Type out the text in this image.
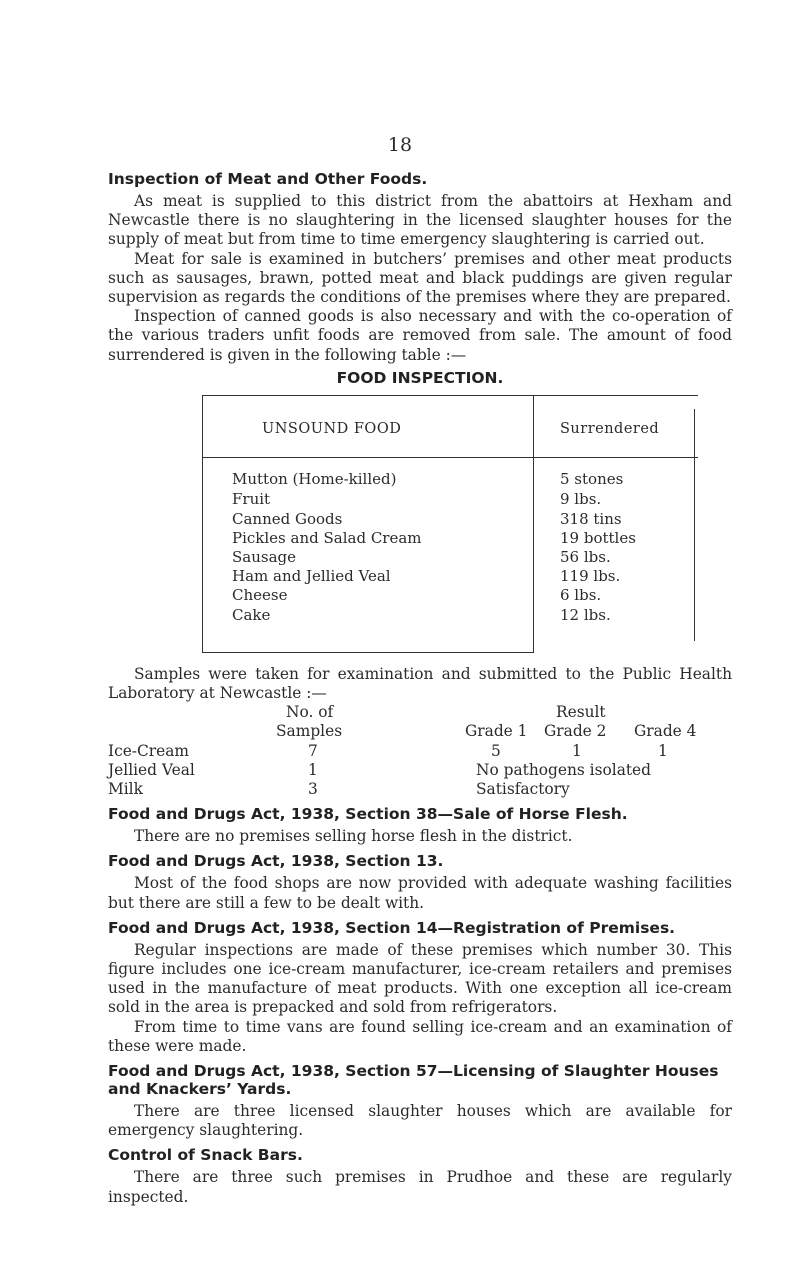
18
Inspection of Meat and Other Foods.

As meat is supplied to this district from the abattoirs at Hexham and Newcastle there is no slaughtering in the licensed slaughter houses for the supply of meat but from time to time emergency slaughtering is carried out.

Meat for sale is examined in butchers’ premises and other meat products such as sausages, brawn, potted meat and black puddings are given regular supervision as regards the conditions of the premises where they are prepared.

Inspection of canned goods is also necessary and with the co-operation of the various traders unfit foods are removed from sale. The amount of food surrendered is given in the following table :—

FOOD INSPECTION.
UNSOUND FOOD	Surrendered
Mutton (Home-killed)	5 stones
Fruit	9 lbs.
Canned Goods	318 tins
Pickles and Salad Cream	19 bottles
Sausage	56 lbs.
Ham and Jellied Veal	119 lbs.
Cheese	6 lbs.
Cake	12 lbs.

Samples were taken for examination and submitted to the Public Health Laboratory at Newcastle :—

No. of
Samples
Result
Grade 1 Grade 2 Grade 4
Ice-Cream	7	5	1	1
Jellied Veal	1	No pathogens isolated
Milk	3	Satisfactory
Food and Drugs Act, 1938, Section 38—Sale of Horse Flesh.

There are no premises selling horse flesh in the district.

Food and Drugs Act, 1938, Section 13.

Most of the food shops are now provided with adequate washing facilities but there are still a few to be dealt with.

Food and Drugs Act, 1938, Section 14—Registration of Premises.

Regular inspections are made of these premises which number 30. This figure includes one ice-cream manufacturer, ice-cream retailers and premises used in the manufacture of meat products. With one exception all ice-cream sold in the area is prepacked and sold from refrigerators.

From time to time vans are found selling ice-cream and an examination of these were made.

Food and Drugs Act, 1938, Section 57—Licensing of Slaughter Houses and Knackers’ Yards.

There are three licensed slaughter houses which are available for emergency slaughtering.

Control of Snack Bars.

There are three such premises in Prudhoe and these are regularly inspected.
